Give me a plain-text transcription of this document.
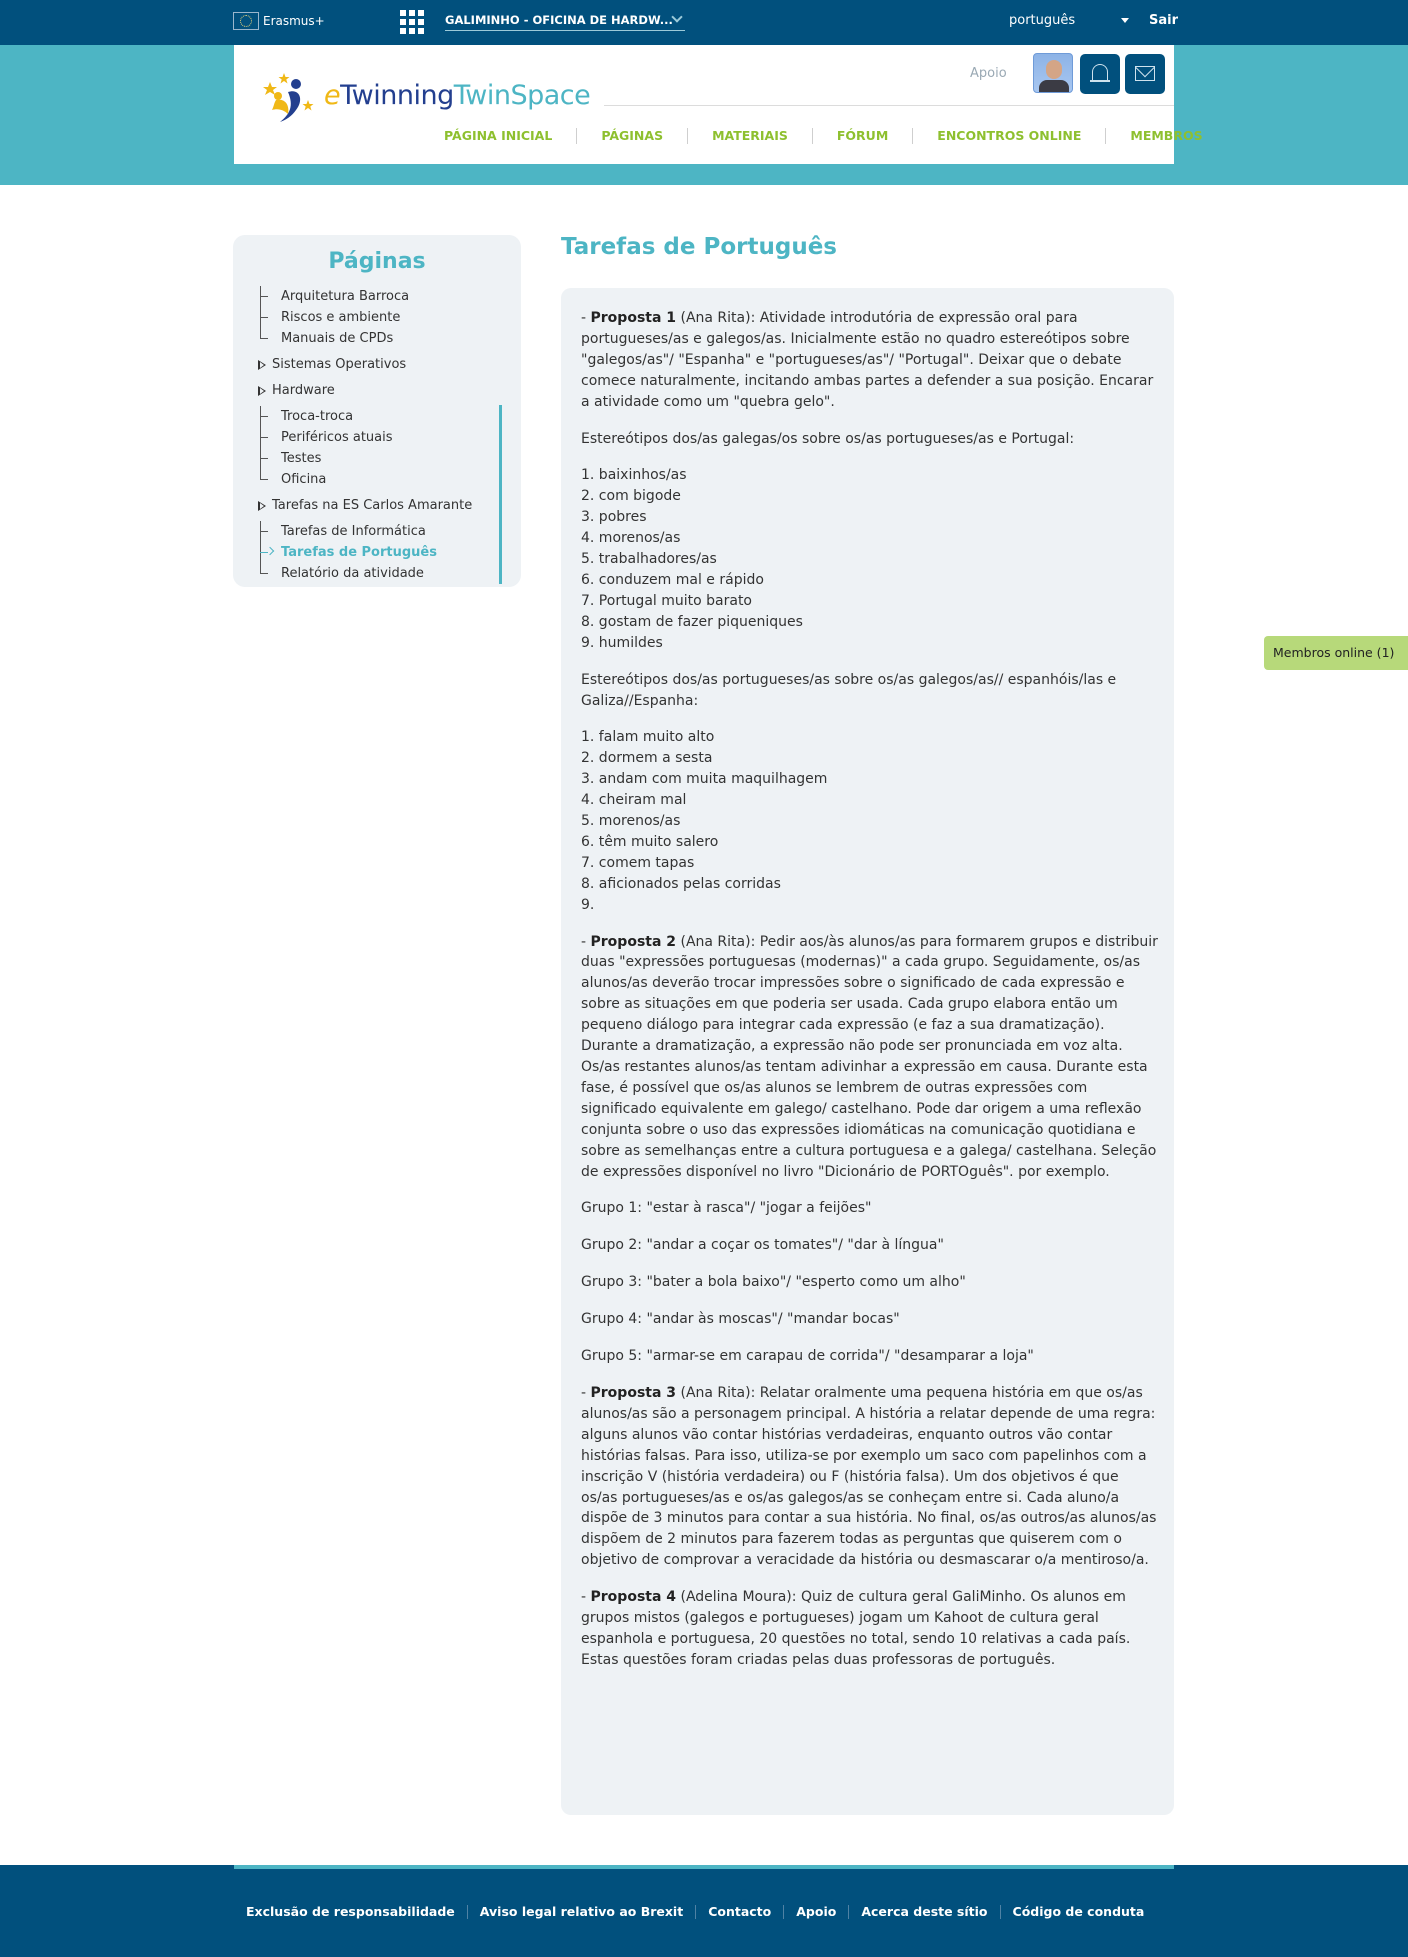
Erasmus+	GALIMINHO - OFICINA DE HARDW...	português	Sair
eTwinningTwinSpace
Apoio
PÁGINA INICIAL	PÁGINAS	MATERIAIS	FÓRUM	ENCONTROS ONLINE	MEMBROS
Páginas
Arquitetura Barroca
Riscos e ambiente
Manuais de CPDs
Sistemas Operativos
Hardware
Troca-troca
Periféricos atuais
Testes
Oficina
Tarefas na ES Carlos Amarante
Tarefas de Informática
Tarefas de Português
Relatório da atividade
Tarefas de Português

- Proposta 1 (Ana Rita): Atividade introdutória de expressão oral para portugueses/as e galegos/as. Inicialmente estão no quadro estereótipos sobre "galegos/as"/ "Espanha" e "portugueses/as"/ "Portugal". Deixar que o debate comece naturalmente, incitando ambas partes a defender a sua posição. Encarar a atividade como um "quebra gelo".

Estereótipos dos/as galegas/os sobre os/as portugueses/as e Portugal:

1. baixinhos/as
2. com bigode
3. pobres
4. morenos/as
5. trabalhadores/as
6. conduzem mal e rápido
7. Portugal muito barato
8. gostam de fazer piqueniques
9. humildes

Estereótipos dos/as portugueses/as sobre os/as galegos/as// espanhóis/las e Galiza//Espanha:

1. falam muito alto
2. dormem a sesta
3. andam com muita maquilhagem
4. cheiram mal
5. morenos/as
6. têm muito salero
7. comem tapas
8. aficionados pelas corridas
9.

- Proposta 2 (Ana Rita): Pedir aos/às alunos/as para formarem grupos e distribuir duas "expressões portuguesas (modernas)" a cada grupo. Seguidamente, os/as alunos/as deverão trocar impressões sobre o significado de cada expressão e sobre as situações em que poderia ser usada. Cada grupo elabora então um pequeno diálogo para integrar cada expressão (e faz a sua dramatização). Durante a dramatização, a expressão não pode ser pronunciada em voz alta. Os/as restantes alunos/as tentam adivinhar a expressão em causa. Durante esta fase, é possível que os/as alunos se lembrem de outras expressões com significado equivalente em galego/ castelhano. Pode dar origem a uma reflexão conjunta sobre o uso das expressões idiomáticas na comunicação quotidiana e sobre as semelhanças entre a cultura portuguesa e a galega/ castelhana. Seleção de expressões disponível no livro "Dicionário de PORTOguês". por exemplo.

Grupo 1: "estar à rasca"/ "jogar a feijões"

Grupo 2: "andar a coçar os tomates"/ "dar à língua"

Grupo 3: "bater a bola baixo"/ "esperto como um alho"

Grupo 4: "andar às moscas"/ "mandar bocas"

Grupo 5: "armar-se em carapau de corrida"/ "desamparar a loja"

- Proposta 3 (Ana Rita): Relatar oralmente uma pequena história em que os/as alunos/as são a personagem principal. A história a relatar depende de uma regra: alguns alunos vão contar histórias verdadeiras, enquanto outros vão contar histórias falsas. Para isso, utiliza-se por exemplo um saco com papelinhos com a inscrição V (história verdadeira) ou F (história falsa). Um dos objetivos é que os/as portugueses/as e os/as galegos/as se conheçam entre si. Cada aluno/a dispõe de 3 minutos para contar a sua história. No final, os/as outros/as alunos/as dispõem de 2 minutos para fazerem todas as perguntas que quiserem com o objetivo de comprovar a veracidade da história ou desmascarar o/a mentiroso/a.

- Proposta 4 (Adelina Moura): Quiz de cultura geral GaliMinho. Os alunos em grupos mistos (galegos e portugueses) jogam um Kahoot de cultura geral espanhola e portuguesa, 20 questões no total, sendo 10 relativas a cada país. Estas questões foram criadas pelas duas professoras de português.

Membros online (1)
Exclusão de responsabilidade	Aviso legal relativo ao Brexit	Contacto	Apoio	Acerca deste sítio	Código de conduta
